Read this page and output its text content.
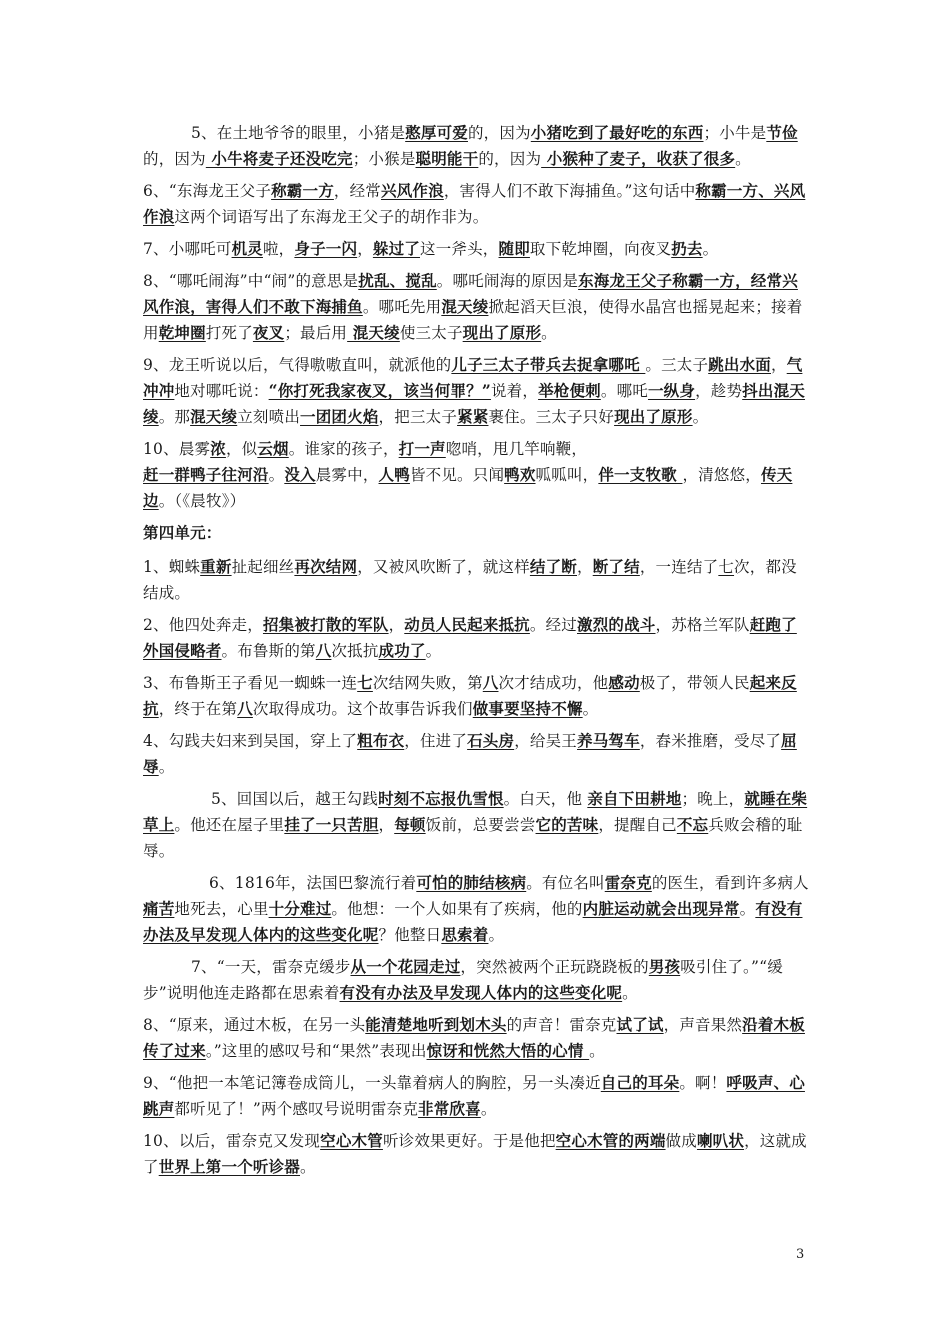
5、在土地爷爷的眼里，小猪是憨厚可爱的，因为小猪吃到了最好吃的东西；小牛是节俭 的，因为 小牛将麦子还没吃完；小猴是聪明能干的，因为 小猴种了麦子，收获了很多。

6、“东海龙王父子称霸一方，经常兴风作浪，害得人们不敢下海捕鱼。”这句话中称霸一方、兴风作浪这两个词语写出了东海龙王父子的胡作非为。

7、小哪吒可机灵啦，身子一闪，躲过了这一斧头，随即取下乾坤圈，向夜叉扔去。

8、“哪吒闹海”中“闹”的意思是扰乱、搅乱。哪吒闹海的原因是东海龙王父子称霸一方，经常兴风作浪，害得人们不敢下海捕鱼。哪吒先用混天绫掀起滔天巨浪，使得水晶宫也摇晃起来；接着用乾坤圈打死了夜叉；最后用 混天绫使三太子现出了原形。

9、龙王听说以后，气得嗷嗷直叫，就派他的儿子三太子带兵去捉拿哪吒 。三太子跳出水面，气冲冲地对哪吒说：“你打死我家夜叉，该当何罪？”说着，举枪便刺。哪吒一纵身，趁势抖出混天绫。那混天绫立刻喷出一团团火焰，把三太子紧紧裹住。三太子只好现出了原形。

10、晨雾浓，似云烟。谁家的孩子，打一声唿哨，甩几竿响鞭，
赶一群鸭子往河沿。没入晨雾中，人鸭皆不见。只闻鸭欢呱呱叫，伴一支牧歌 ，清悠悠，传天边。（《晨牧》）

第四单元：

1、蜘蛛重新扯起细丝再次结网，又被风吹断了，就这样结了断，断了结，一连结了七次，都没结成。

2、他四处奔走，招集被打散的军队，动员人民起来抵抗。经过激烈的战斗，苏格兰军队赶跑了外国侵略者。布鲁斯的第八次抵抗成功了。

3、布鲁斯王子看见一蜘蛛一连七次结网失败，第八次才结成功，他感动极了，带领人民起来反抗，终于在第八次取得成功。这个故事告诉我们做事要坚持不懈。

4、勾践夫妇来到吴国，穿上了粗布衣，住进了石头房，给吴王养马驾车，舂米推磨，受尽了屈辱。

5、回国以后，越王勾践时刻不忘报仇雪恨。白天，他 亲自下田耕地；晚上，就睡在柴草上。他还在屋子里挂了一只苦胆，每顿饭前，总要尝尝它的苦味，提醒自己不忘兵败会稽的耻辱。

6、1816年，法国巴黎流行着可怕的肺结核病。有位名叫雷奈克的医生，看到许多病人痛苦地死去，心里十分难过。他想：一个人如果有了疾病，他的内脏运动就会出现异常。有没有办法及早发现人体内的这些变化呢？他整日思索着。

7、“一天，雷奈克缓步从一个花园走过，突然被两个正玩跷跷板的男孩吸引住了。”“缓步”说明他连走路都在思索着有没有办法及早发现人体内的这些变化呢。

8、“原来，通过木板，在另一头能清楚地听到划木头的声音！雷奈克试了试，声音果然沿着木板传了过来。”这里的感叹号和“果然”表现出惊讶和恍然大悟的心情 。

9、“他把一本笔记簿卷成筒儿，一头靠着病人的胸腔，另一头凑近自己的耳朵。啊！呼吸声、心跳声都听见了！”两个感叹号说明雷奈克非常欣喜。

10、以后，雷奈克又发现空心木管听诊效果更好。于是他把空心木管的两端做成喇叭状，这就成了世界上第一个听诊器。

3
